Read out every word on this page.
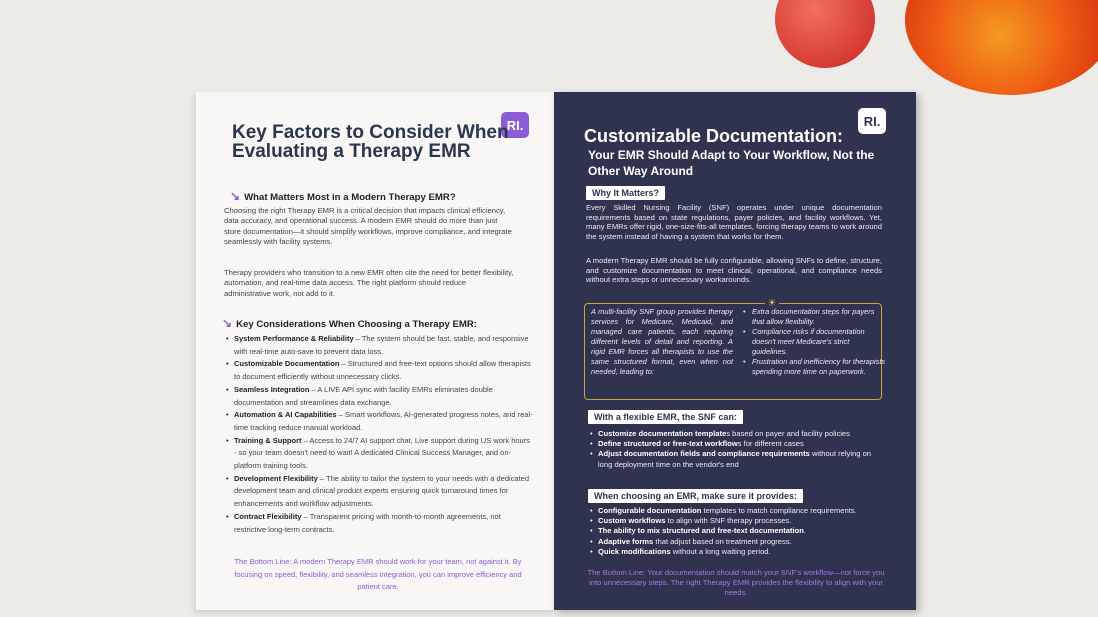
RI.
Key Factors to Consider When Evaluating a Therapy EMR
↘ What Matters Most in a Modern Therapy EMR?
Choosing the right Therapy EMR is a critical decision that impacts clinical efficiency, data accuracy, and operational success. A modern EMR should do more than just store documentation—it should simplify workflows, improve compliance, and integrate seamlessly with facility systems.
Therapy providers who transition to a new EMR often cite the need for better flexibility, automation, and real-time data access. The right platform should reduce administrative work, not add to it.
↘ Key Considerations When Choosing a Therapy EMR:
• System Performance & Reliability – The system should be fast, stable, and responsive with real-time auto-save to prevent data loss.
• Customizable Documentation – Structured and free-text options should allow therapists to document efficiently without unnecessary clicks.
• Seamless Integration – A LIVE API sync with facility EMRs eliminates double documentation and streamlines data exchange.
• Automation & AI Capabilities – Smart workflows, AI-generated progress notes, and real-time tracking reduce manual workload.
• Training & Support – Access to 24/7 AI support chat, Live support during US work hours - so your team doesn't need to wait! A dedicated Clinical Success Manager, and on-platform training tools.
• Development Flexibility – The ability to tailor the system to your needs with a dedicated development team and clinical product experts ensuring quick turnaround times for enhancements and workflow adjustments.
• Contract Flexibility – Transparent pricing with month-to-month agreements, not restrictive long-term contracts.
The Bottom Line: A modern Therapy EMR should work for your team, not against it. By focusing on speed, flexibility, and seamless integration, you can improve efficiency and patient care.
RI.
Customizable Documentation:
Your EMR Should Adapt to Your Workflow, Not the Other Way Around
Why It Matters?
Every Skilled Nursing Facility (SNF) operates under unique documentation requirements based on state regulations, payer policies, and facility workflows. Yet, many EMRs offer rigid, one-size-fits-all templates, forcing therapy teams to work around the system instead of having a system that works for them.
A modern Therapy EMR should be fully configurable, allowing SNFs to define, structure, and customize documentation to meet clinical, operational, and compliance needs without extra steps or unnecessary workarounds.
☀
A multi-facility SNF group provides therapy services for Medicare, Medicaid, and managed care patients, each requiring different levels of detail and reporting. A rigid EMR forces all therapists to use the same structured format, even when not needed, leading to:
• Extra documentation steps for payers that allow flexibility.
• Compliance risks if documentation doesn't meet Medicare's strict guidelines.
• Frustration and inefficiency for therapists spending more time on paperwork.
With a flexible EMR, the SNF can:
• Customize documentation templates based on payer and facility policies
• Define structured or free-text workflows for different cases
• Adjust documentation fields and compliance requirements without relying on long deployment time on the vendor's end
When choosing an EMR, make sure it provides:
• Configurable documentation templates to match compliance requirements.
• Custom workflows to align with SNF therapy processes.
• The ability to mix structured and free-text documentation.
• Adaptive forms that adjust based on treatment progress.
• Quick modifications without a long waiting period.
The Bottom Line: Your documentation should match your SNF's workflow—not force you into unnecessary steps. The right Therapy EMR provides the flexibility to align with your needs.
